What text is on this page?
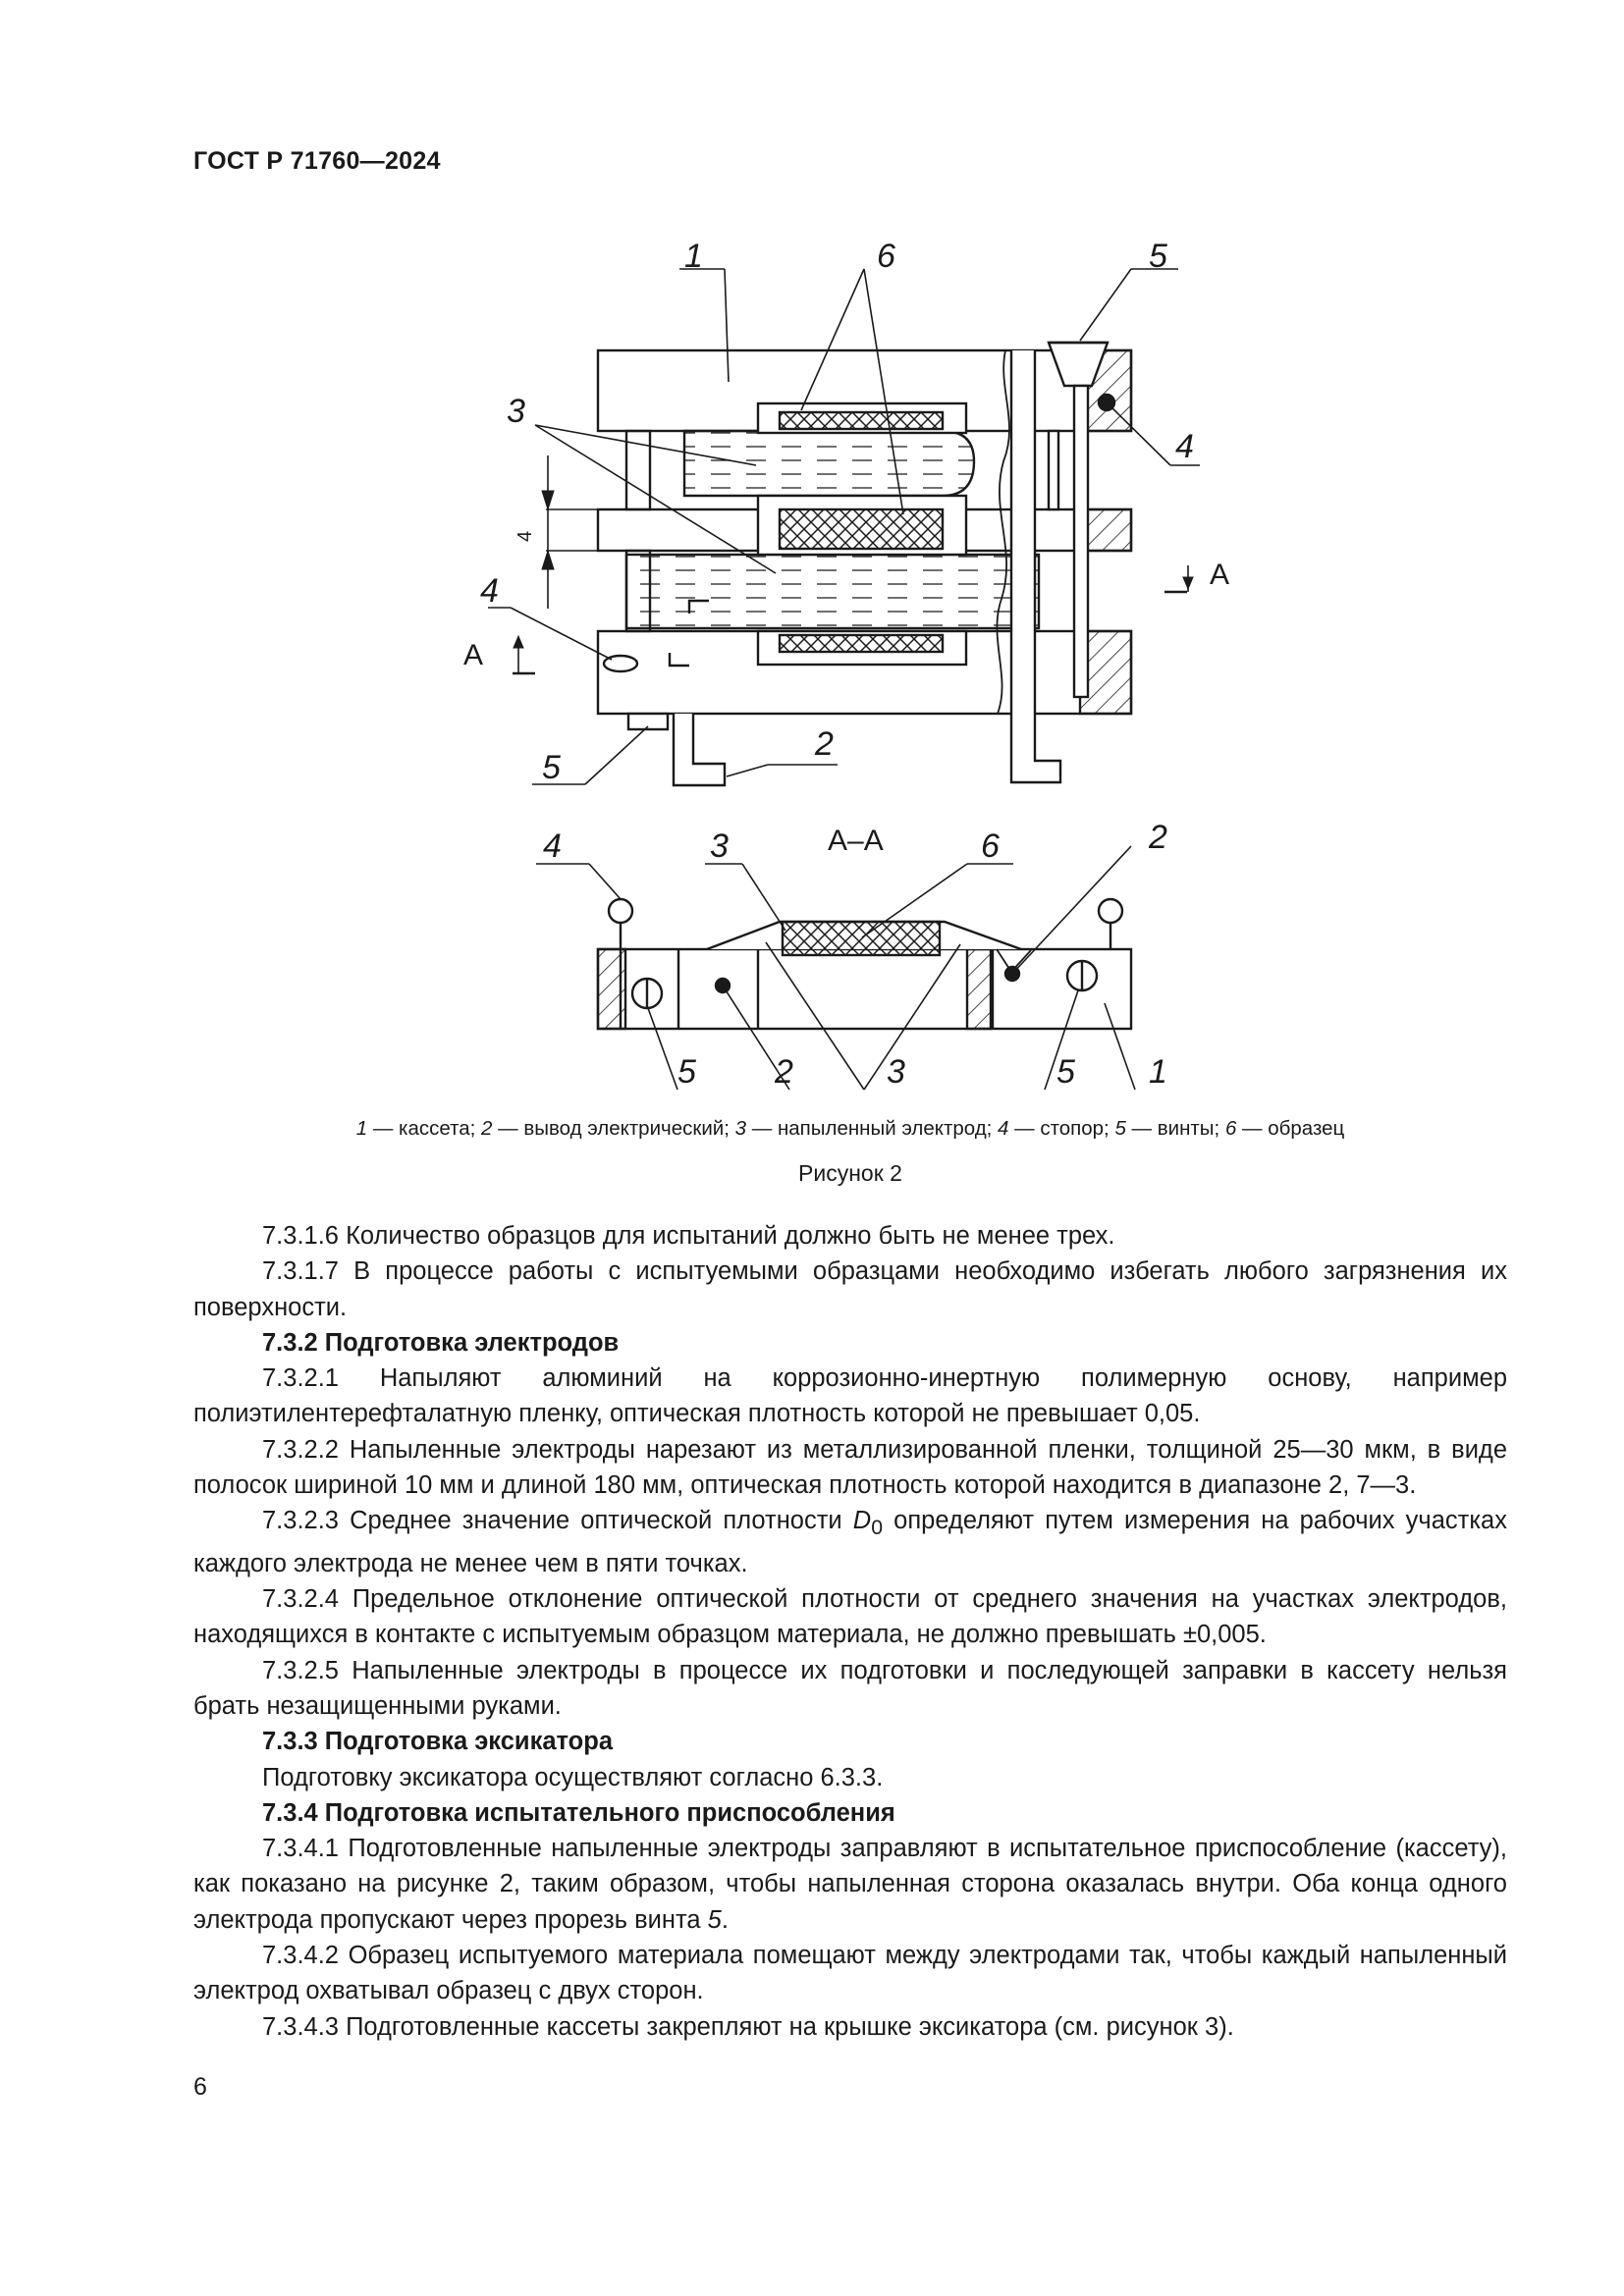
ГОСТ Р 71760—2024
1	6	5
3
4
4
5
2
2
4	3	6
5 2	3	5 1
А–А
А
А
4
1 — кассета; 2 — вывод электрический; 3 — напыленный электрод; 4 — стопор; 5 — винты; 6 — образец
Рисунок 2

7.3.1.6 Количество образцов для испытаний должно быть не менее трех.

7.3.1.7 В процессе работы с испытуемыми образцами необходимо избегать любого загрязнения их поверхности.

7.3.2 Подготовка электродов

7.3.2.1 Напыляют алюминий на коррозионно-инертную полимерную основу, например полиэтилентерефталатную пленку, оптическая плотность которой не превышает 0,05.

7.3.2.2 Напыленные электроды нарезают из металлизированной пленки, толщиной 25—30 мкм, в виде полосок шириной 10 мм и длиной 180 мм, оптическая плотность которой находится в диапазоне 2, 7—3.

7.3.2.3 Среднее значение оптической плотности $D_0$ определяют путем измерения на рабочих участках каждого электрода не менее чем в пяти точках.

7.3.2.4 Предельное отклонение оптической плотности от среднего значения на участках электродов, находящихся в контакте с испытуемым образцом материала, не должно превышать ±0,005.

7.3.2.5 Напыленные электроды в процессе их подготовки и последующей заправки в кассету нельзя брать незащищенными руками.

7.3.3 Подготовка эксикатора

Подготовку эксикатора осуществляют согласно 6.3.3.

7.3.4 Подготовка испытательного приспособления

7.3.4.1 Подготовленные напыленные электроды заправляют в испытательное приспособление (кассету), как показано на рисунке 2, таким образом, чтобы напыленная сторона оказалась внутри. Оба конца одного электрода пропускают через прорезь винта 5.

7.3.4.2 Образец испытуемого материала помещают между электродами так, чтобы каждый напыленный электрод охватывал образец с двух сторон.

7.3.4.3 Подготовленные кассеты закрепляют на крышке эксикатора (см. рисунок 3).

6
